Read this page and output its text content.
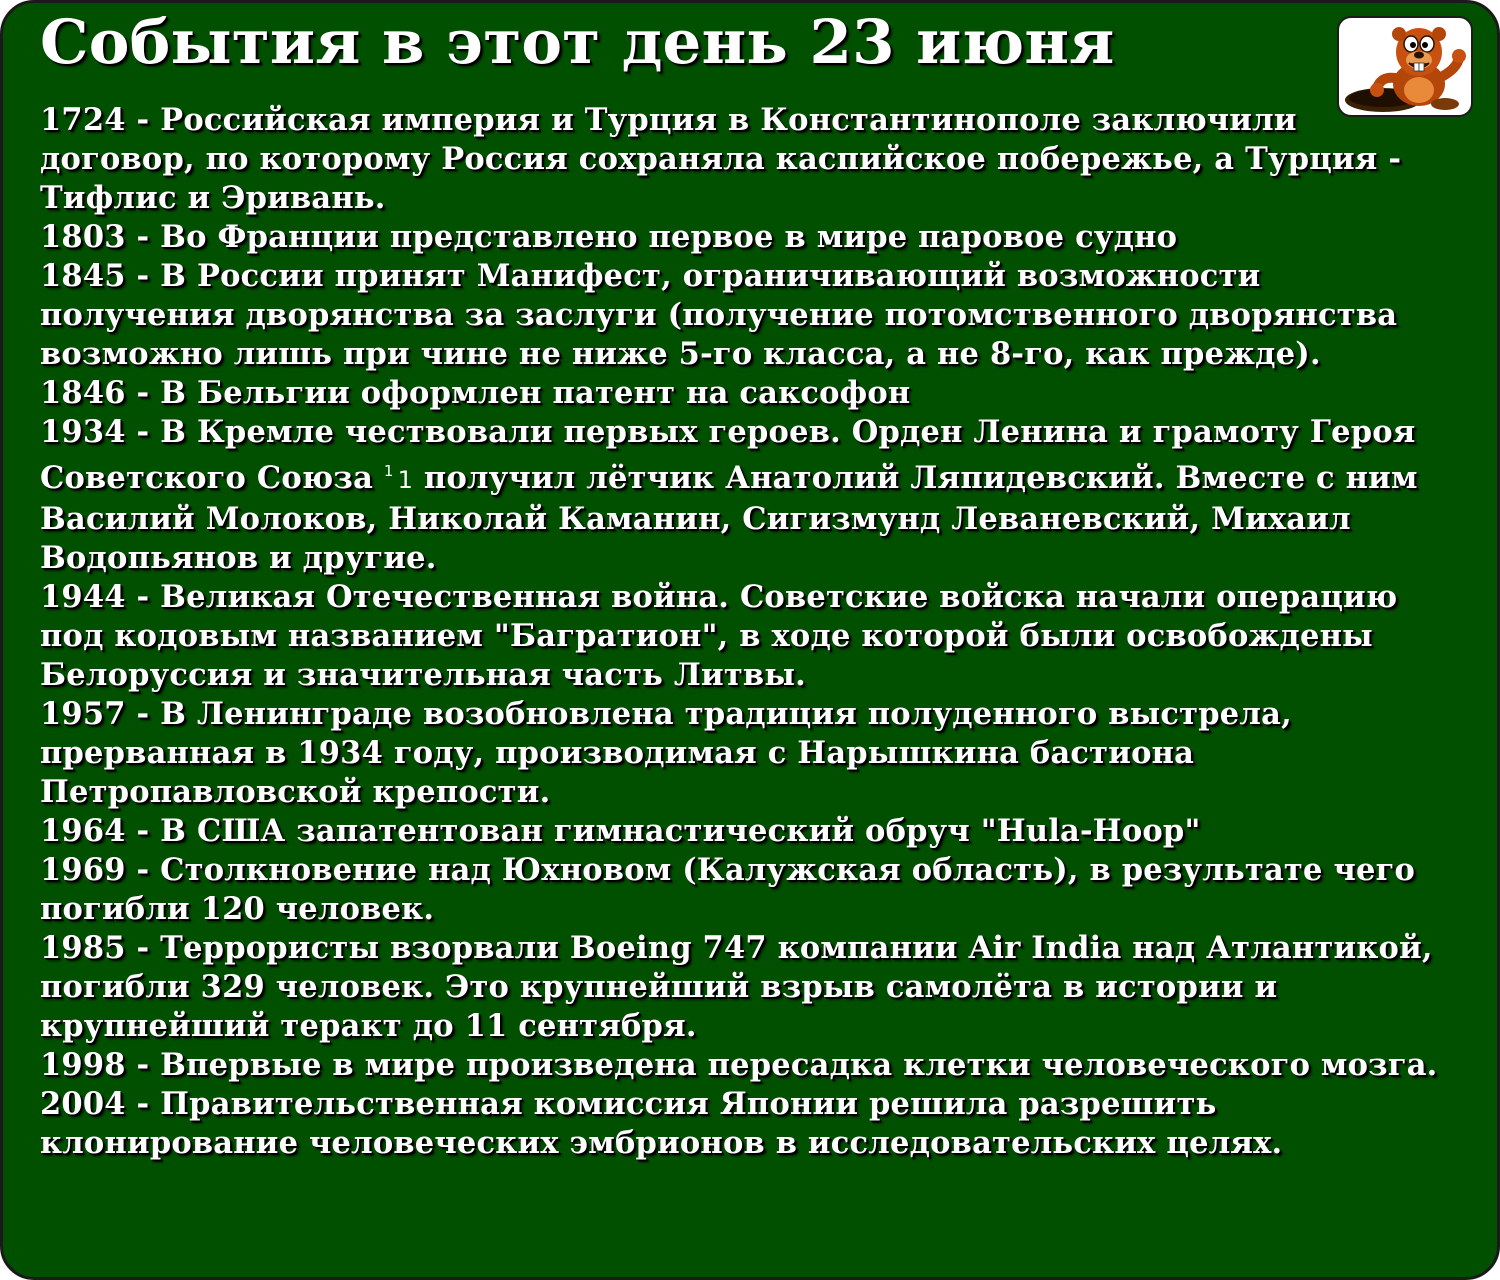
События в этот день 23 июня
1724 - Российская империя и Турция в Константинополе заключили договор, по которому Россия сохраняла каспийское побережье, а Турция - Тифлис и Эривань.
1803 - Во Франции представлено первое в мире паровое судно
1845 - В России принят Манифест, ограничивающий возможности получения дворянства за заслуги (получение потомственного дворянства возможно лишь при чине не ниже 5-го класса, а не 8-го, как прежде).
1846 - В Бельгии оформлен патент на саксофон
1934 - В Кремле чествовали первых героев. Орден Ленина и грамоту Героя Советского Союза $^1$ 1 получил лётчик Анатолий Ляпидевский. Вместе с ним Василий Молоков, Николай Каманин, Сигизмунд Леваневский, Михаил Водопьянов и другие.
1944 - Великая Отечественная война. Советские войска начали операцию под кодовым названием "Багратион", в ходе которой были освобождены Белоруссия и значительная часть Литвы.
1957 - В Ленинграде возобновлена традиция полуденного выстрела, прерванная в 1934 году, производимая с Нарышкина бастиона Петропавловской крепости.
1964 - В США запатентован гимнастический обруч "Hula-Hoop"
1969 - Столкновение над Юхновом (Калужская область), в результате чего погибли 120 человек.
1985 - Террористы взорвали Boeing 747 компании Air India над Атлантикой, погибли 329 человек. Это крупнейший взрыв самолёта в истории и крупнейший теракт до 11 сентября.
1998 - Впервые в мире произведена пересадка клетки человеческого мозга.
2004 - Правительственная комиссия Японии решила разрешить клонирование человеческих эмбрионов в исследовательских целях.
